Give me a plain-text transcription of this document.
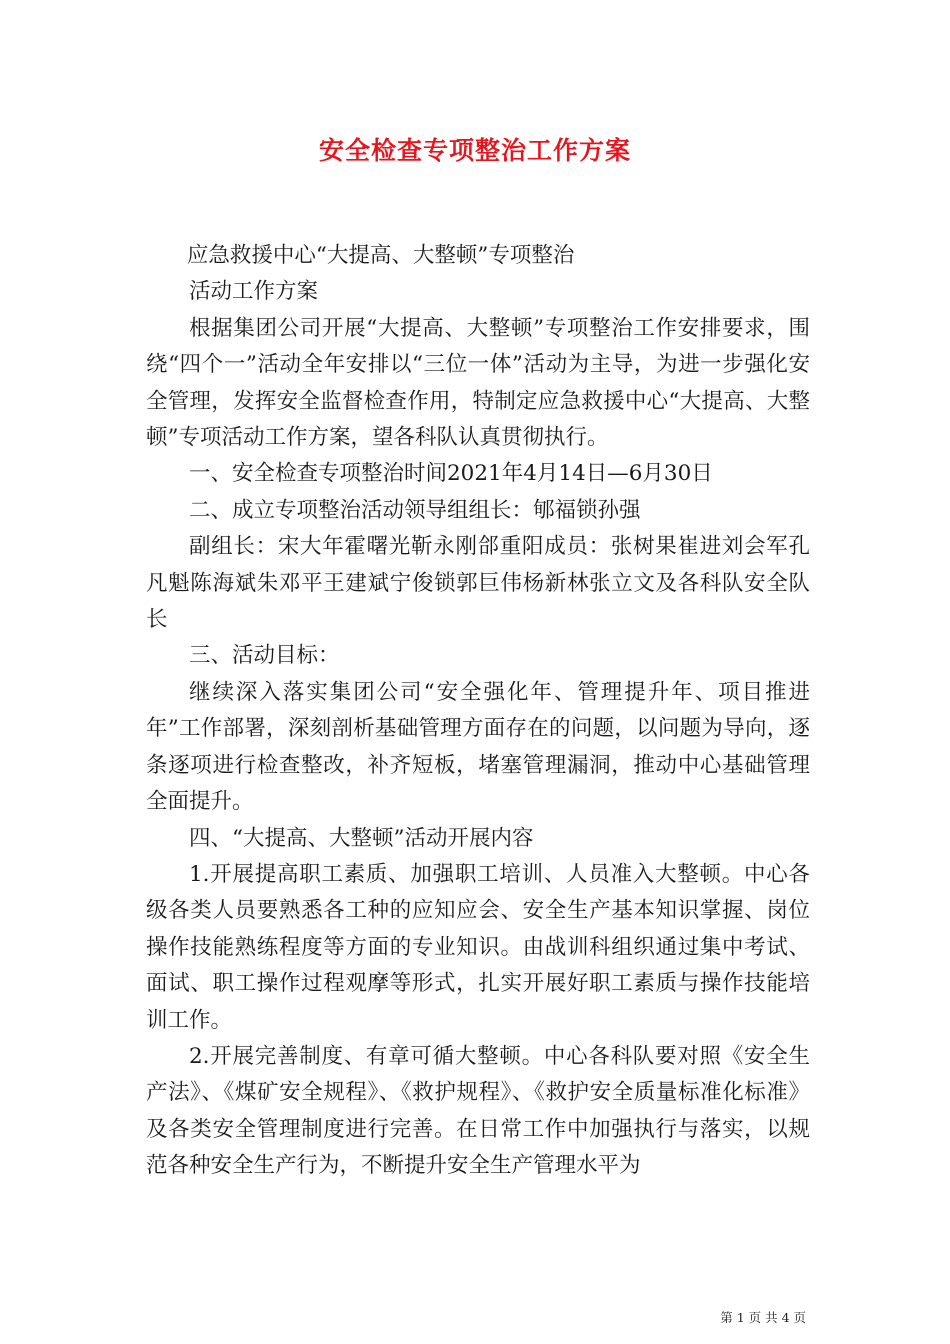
安全检查专项整治工作方案

应急救援中心“大提高、大整顿”专项整治

活动工作方案

根据集团公司开展“大提高、大整顿”专项整治工作安排要求，围绕“四个一”活动全年安排以“三位一体”活动为主导，为进一步强化安全管理，发挥安全监督检查作用，特制定应急救援中心“大提高、大整顿”专项活动工作方案，望各科队认真贯彻执行。

一、安全检查专项整治时间2021年4月14日—6月30日

二、成立专项整治活动领导组组长：郇福锁孙强

副组长：宋大年霍曙光靳永刚郃重阳成员：张树果崔进刘会军孔凡魁陈海斌朱邓平王建斌宁俊锁郭巨伟杨新林张立文及各科队安全队长

三、活动目标：

继续深入落实集团公司“安全强化年、管理提升年、项目推进年”工作部署，深刻剖析基础管理方面存在的问题，以问题为导向，逐条逐项进行检查整改，补齐短板，堵塞管理漏洞，推动中心基础管理全面提升。

四、“大提高、大整顿”活动开展内容

1.开展提高职工素质、加强职工培训、人员准入大整顿。中心各级各类人员要熟悉各工种的应知应会、安全生产基本知识掌握、岗位操作技能熟练程度等方面的专业知识。由战训科组织通过集中考试、面试、职工操作过程观摩等形式，扎实开展好职工素质与操作技能培训工作。

2.开展完善制度、有章可循大整顿。中心各科队要对照《安全生产法》、《煤矿安全规程》、《救护规程》、《救护安全质量标准化标准》及各类安全管理制度进行完善。在日常工作中加强执行与落实，以规范各种安全生产行为，不断提升安全生产管理水平为

第 1 页 共 4 页
